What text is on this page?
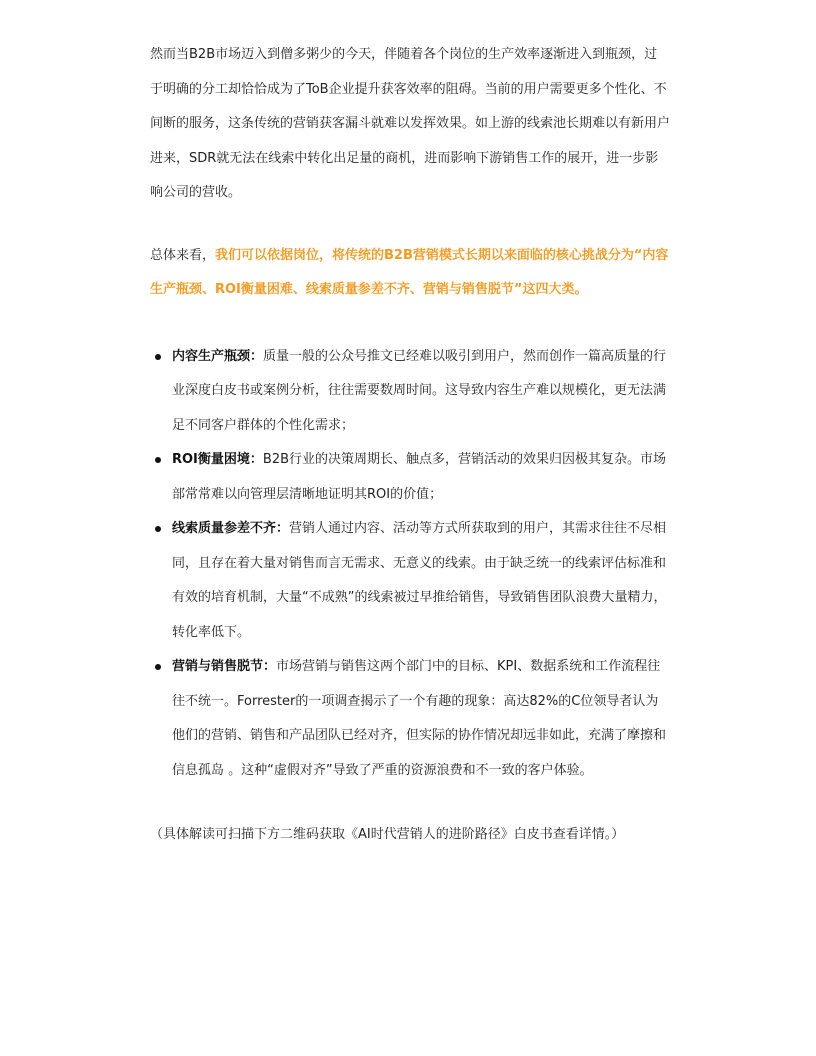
然而当B2B市场迈入到僧多粥少的今天，伴随着各个岗位的生产效率逐渐进入到瓶颈，过于明确的分工却恰恰成为了ToB企业提升获客效率的阻碍。当前的用户需要更多个性化、不间断的服务，这条传统的营销获客漏斗就难以发挥效果。如上游的线索池长期难以有新用户进来，SDR就无法在线索中转化出足量的商机，进而影响下游销售工作的展开，进一步影响公司的营收。

总体来看，我们可以依据岗位，将传统的B2B营销模式长期以来面临的核心挑战分为“内容生产瓶颈、ROI衡量困难、线索质量参差不齐、营销与销售脱节”这四大类。

内容生产瓶颈：质量一般的公众号推文已经难以吸引到用户，然而创作一篇高质量的行业深度白皮书或案例分析，往往需要数周时间。这导致内容生产难以规模化，更无法满足不同客户群体的个性化需求；
ROI衡量困境：B2B行业的决策周期长、触点多，营销活动的效果归因极其复杂。市场部常常难以向管理层清晰地证明其ROI的价值；
线索质量参差不齐：营销人通过内容、活动等方式所获取到的用户，其需求往往不尽相同，且存在着大量对销售而言无需求、无意义的线索。由于缺乏统一的线索评估标准和有效的培育机制，大量“不成熟”的线索被过早推给销售，导致销售团队浪费大量精力，转化率低下。
营销与销售脱节：市场营销与销售这两个部门中的目标、KPI、数据系统和工作流程往往不统一。Forrester的一项调查揭示了一个有趣的现象：高达82%的C位领导者认为他们的营销、销售和产品团队已经对齐，但实际的协作情况却远非如此，充满了摩擦和信息孤岛 。这种“虚假对齐”导致了严重的资源浪费和不一致的客户体验。

（具体解读可扫描下方二维码获取《AI时代营销人的进阶路径》白皮书查看详情。）
